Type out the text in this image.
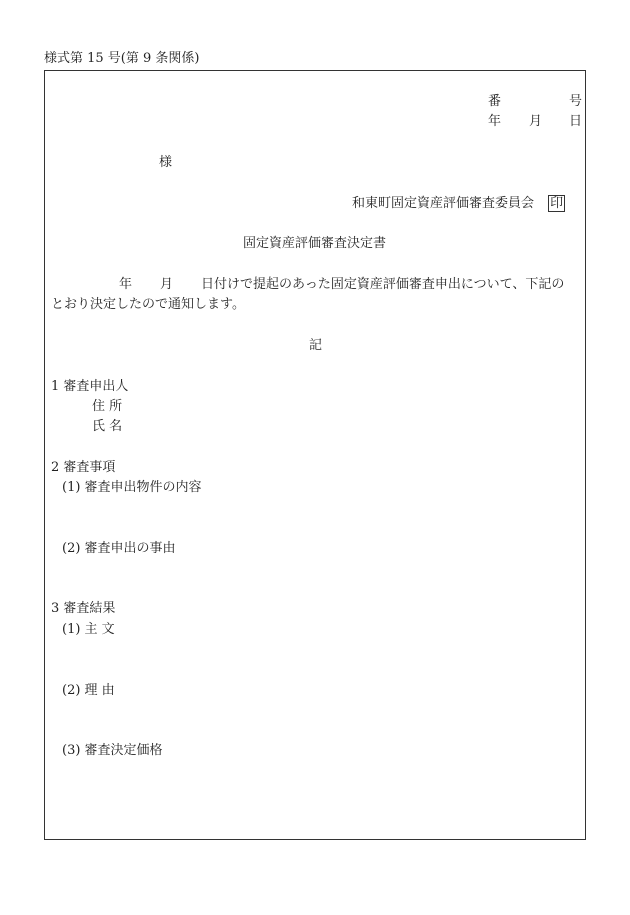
様式第 15 号(第 9 条関係)
番	号
年 月 日
様
和東町固定資産評価審査委員会 印
固定資産評価審査決定書
年 月 日付けで提起のあった固定資産評価審査申出について、下記の
とおり決定したので通知します。
記
1 審査申出人
住 所
氏 名
2 審査事項
(1) 審査申出物件の内容
(2) 審査申出の事由
3 審査結果
(1) 主 文
(2) 理 由
(3) 審査決定価格
